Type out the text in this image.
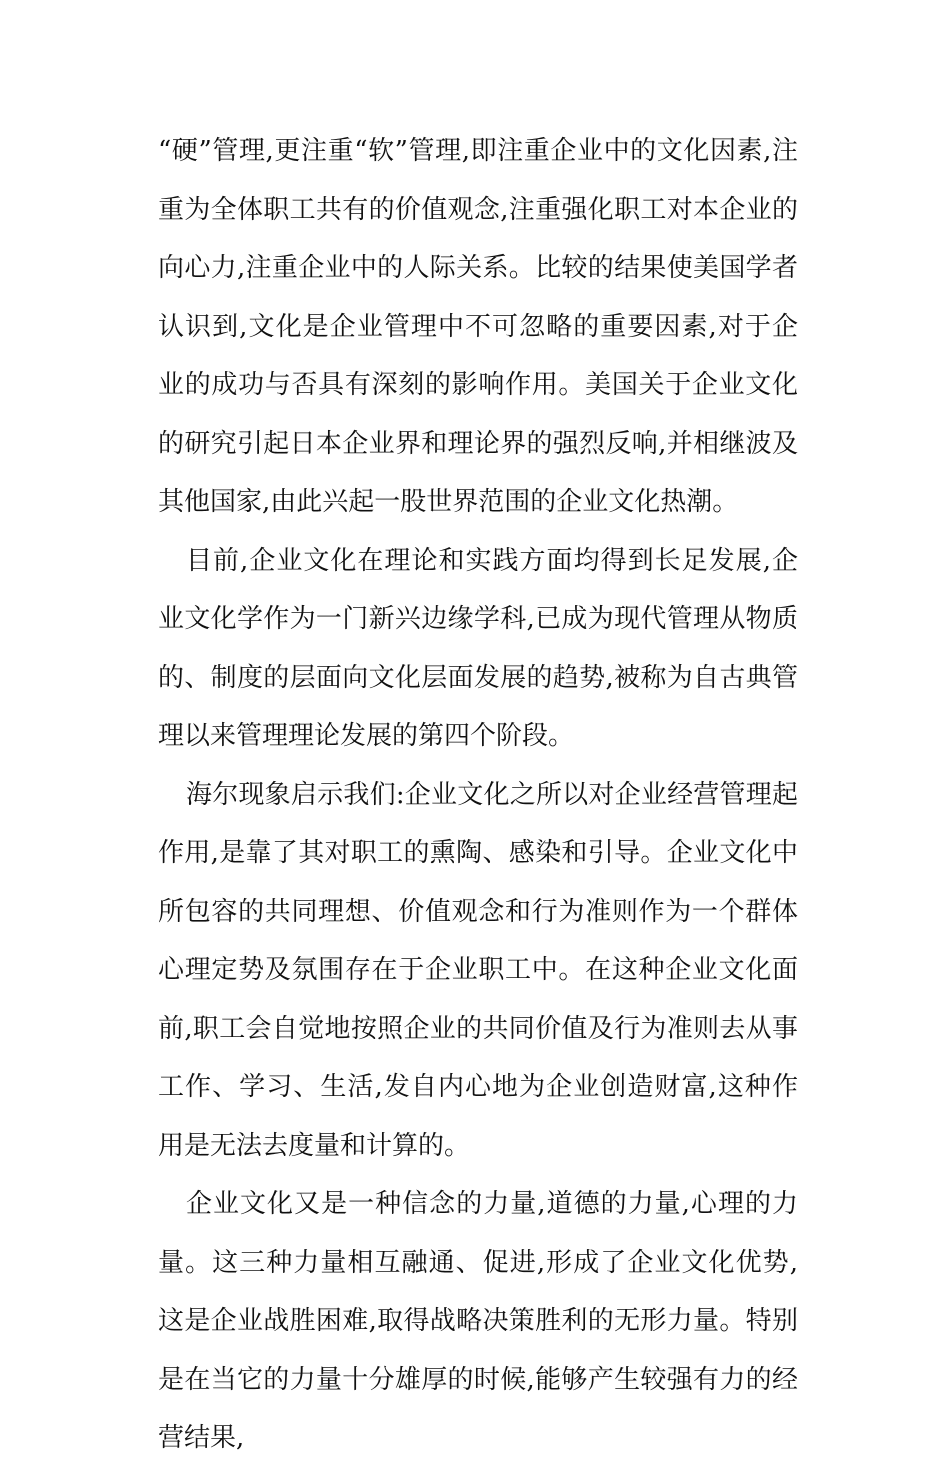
“硬”管理,更注重“软”管理,即注重企业中的文化因素,注重为全体职工共有的价值观念,注重强化职工对本企业的向心力,注重企业中的人际关系。比较的结果使美国学者认识到,文化是企业管理中不可忽略的重要因素,对于企业的成功与否具有深刻的影响作用。美国关于企业文化的研究引起日本企业界和理论界的强烈反响,并相继波及其他国家,由此兴起一股世界范围的企业文化热潮。

目前,企业文化在理论和实践方面均得到长足发展,企业文化学作为一门新兴边缘学科,已成为现代管理从物质的、制度的层面向文化层面发展的趋势,被称为自古典管理以来管理理论发展的第四个阶段。

海尔现象启示我们:企业文化之所以对企业经营管理起作用,是靠了其对职工的熏陶、感染和引导。企业文化中所包容的共同理想、价值观念和行为准则作为一个群体心理定势及氛围存在于企业职工中。在这种企业文化面前,职工会自觉地按照企业的共同价值及行为准则去从事工作、学习、生活,发自内心地为企业创造财富,这种作用是无法去度量和计算的。

企业文化又是一种信念的力量,道德的力量,心理的力量。这三种力量相互融通、促进,形成了企业文化优势,这是企业战胜困难,取得战略决策胜利的无形力量。特别是在当它的力量十分雄厚的时候,能够产生较强有力的经营结果,
